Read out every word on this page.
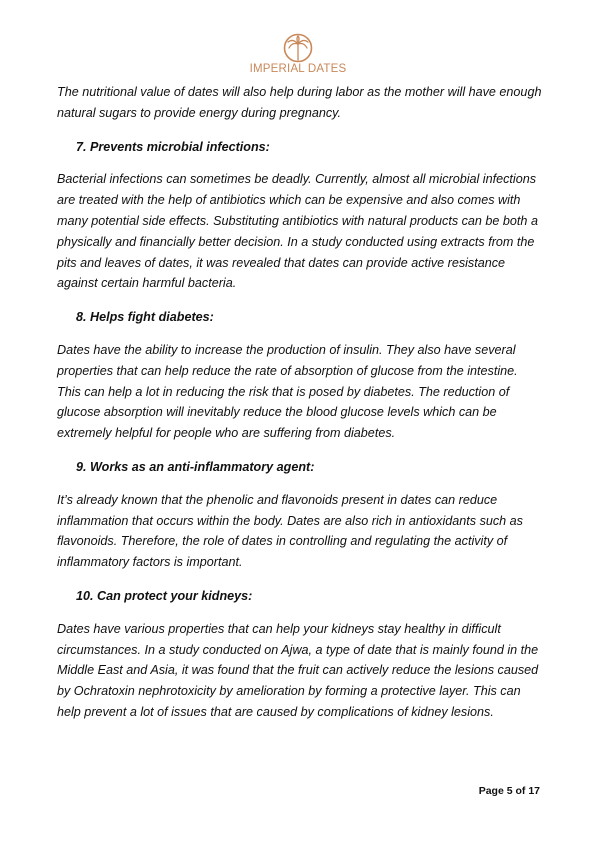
IMPERIAL DATES

The nutritional value of dates will also help during labor as the mother will have enough natural sugars to provide energy during pregnancy.

7. Prevents microbial infections:

Bacterial infections can sometimes be deadly. Currently, almost all microbial infections are treated with the help of antibiotics which can be expensive and also comes with many potential side effects. Substituting antibiotics with natural products can be both a physically and financially better decision. In a study conducted using extracts from the pits and leaves of dates, it was revealed that dates can provide active resistance against certain harmful bacteria.

8. Helps fight diabetes:

Dates have the ability to increase the production of insulin. They also have several properties that can help reduce the rate of absorption of glucose from the intestine. This can help a lot in reducing the risk that is posed by diabetes. The reduction of glucose absorption will inevitably reduce the blood glucose levels which can be extremely helpful for people who are suffering from diabetes.

9. Works as an anti-inflammatory agent:

It’s already known that the phenolic and flavonoids present in dates can reduce inflammation that occurs within the body. Dates are also rich in antioxidants such as flavonoids. Therefore, the role of dates in controlling and regulating the activity of inflammatory factors is important.

10. Can protect your kidneys:

Dates have various properties that can help your kidneys stay healthy in difficult circumstances. In a study conducted on Ajwa, a type of date that is mainly found in the Middle East and Asia, it was found that the fruit can actively reduce the lesions caused by Ochratoxin nephrotoxicity by amelioration by forming a protective layer. This can help prevent a lot of issues that are caused by complications of kidney lesions.

Page 5 of 17
